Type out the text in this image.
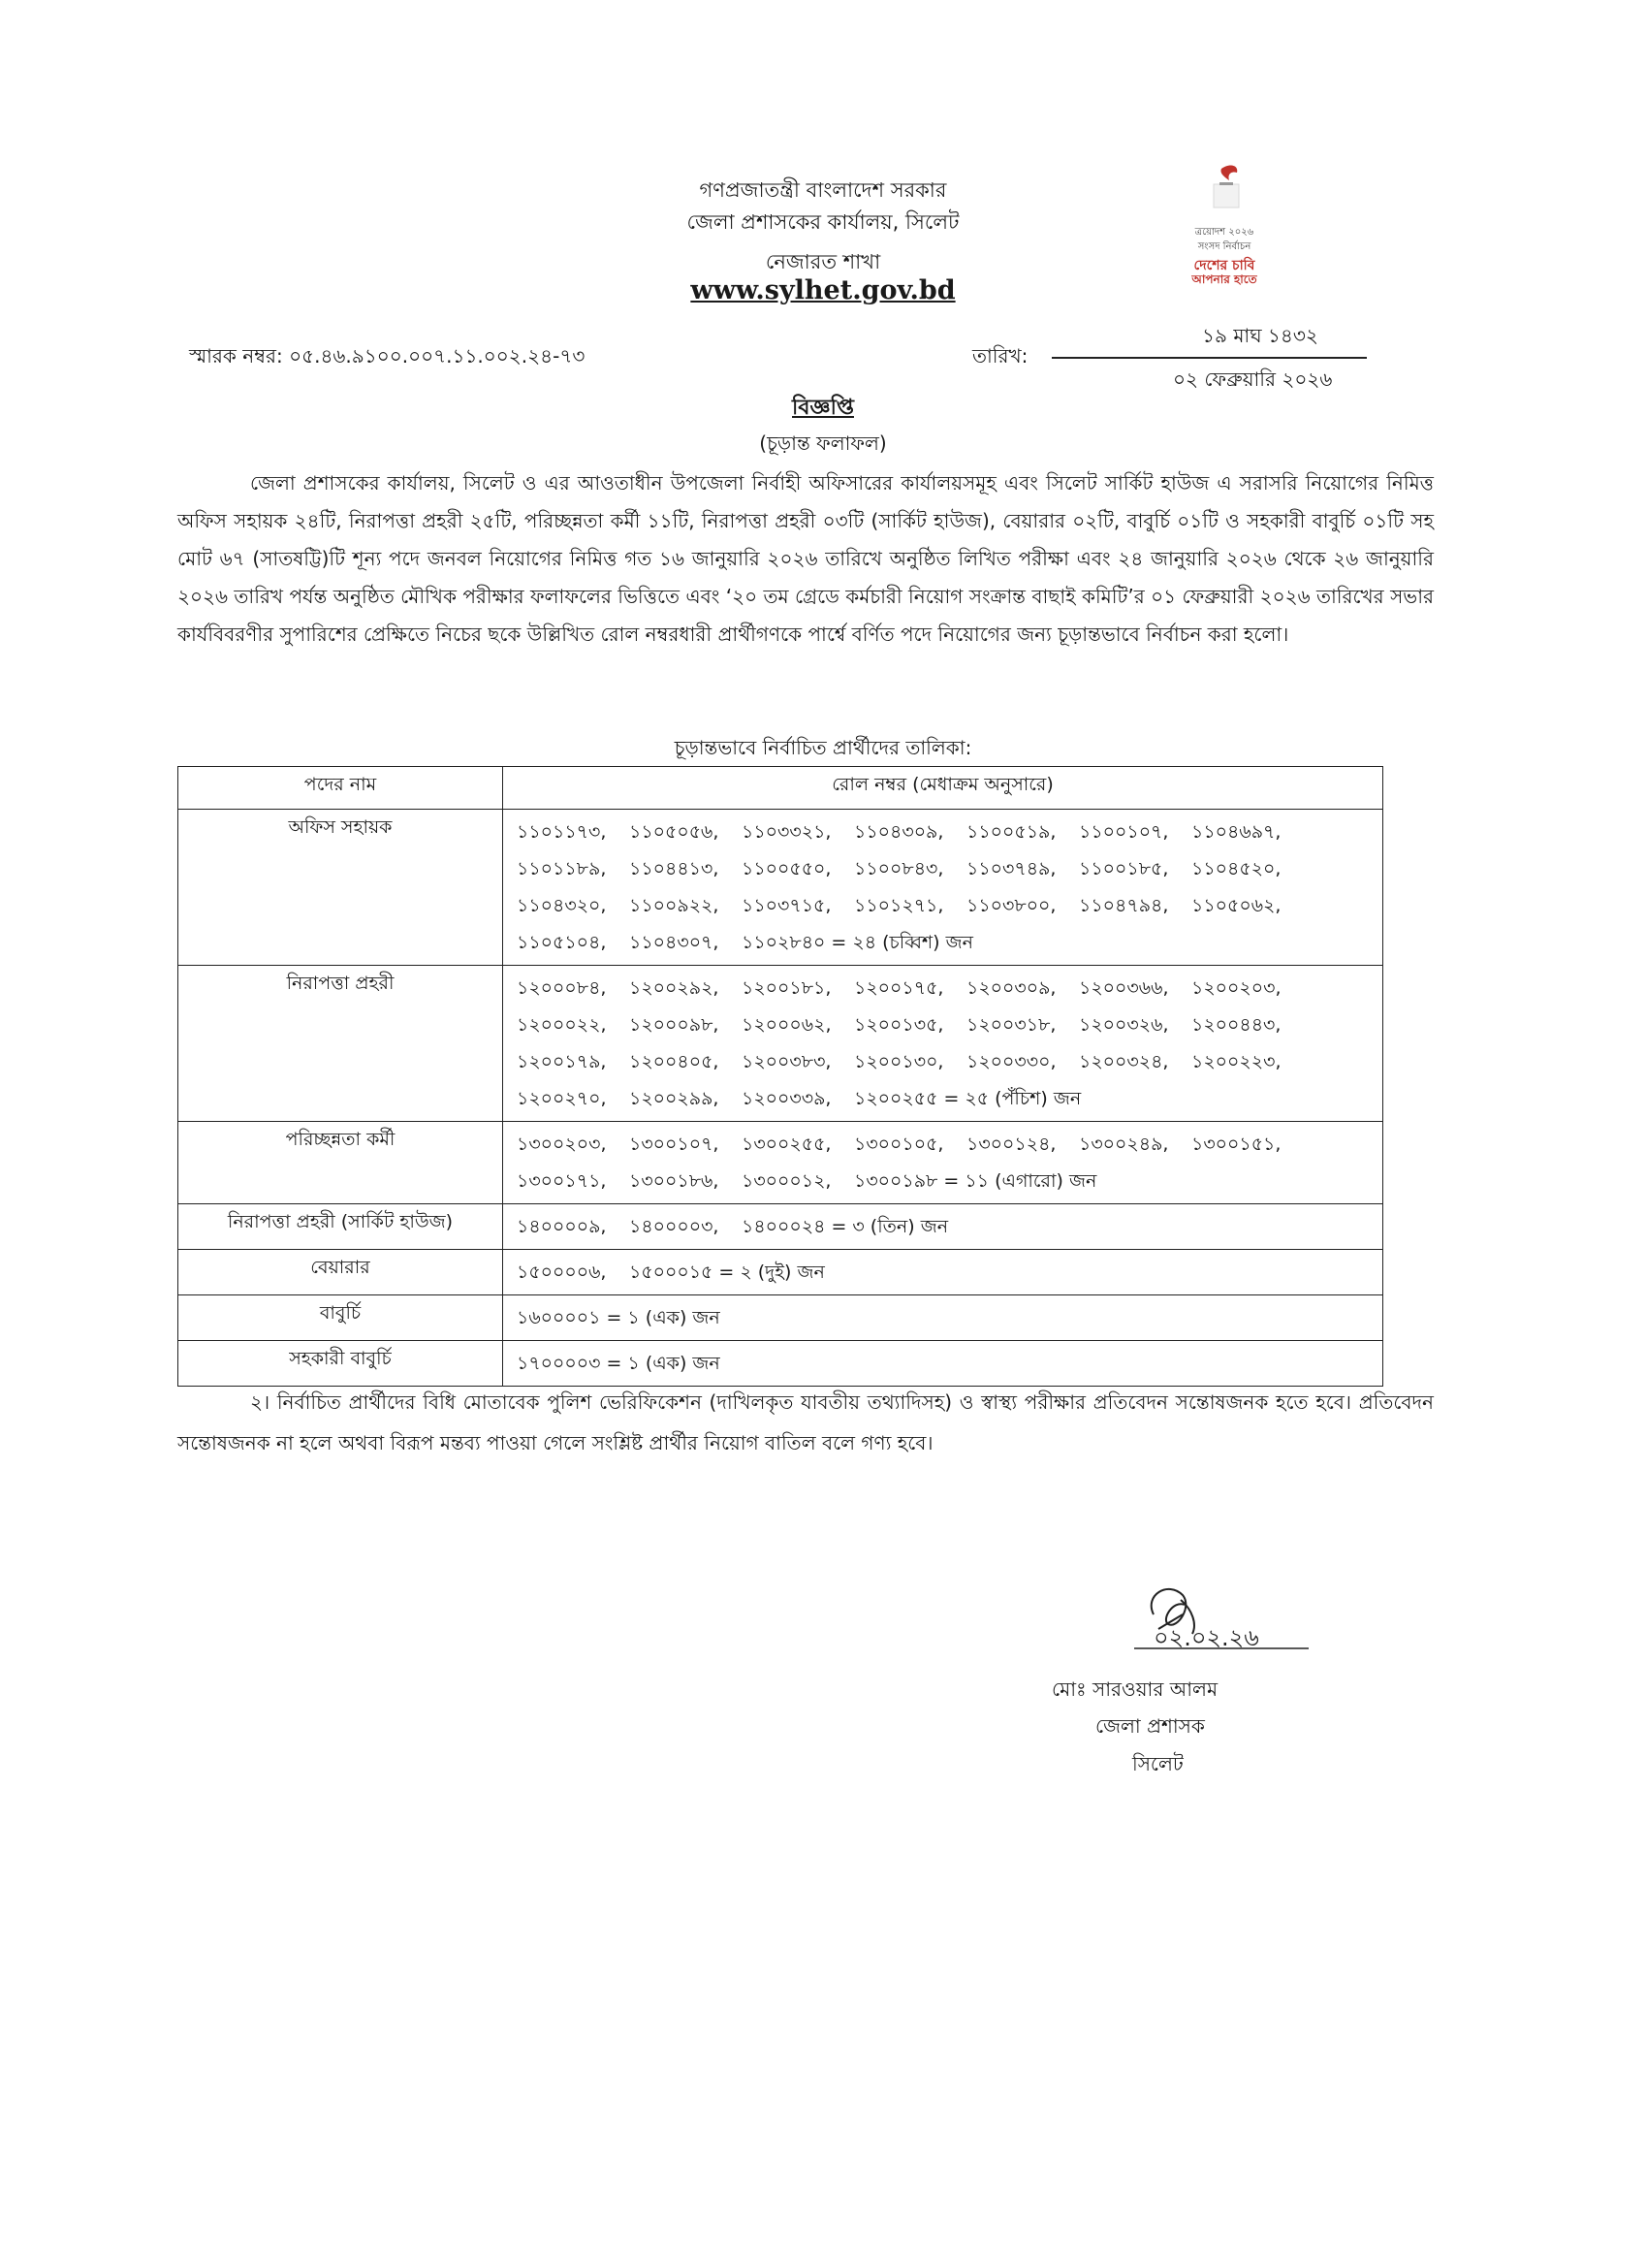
গণপ্রজাতন্ত্রী বাংলাদেশ সরকার
জেলা প্রশাসকের কার্যালয়, সিলেট
নেজারত শাখা
www.sylhet.gov.bd
ত্রয়োদশ ২০২৬
সংসদ নির্বাচন
দেশের চাবি
আপনার হাতে
স্মারক নম্বর: ০৫.৪৬.৯১০০.০০৭.১১.০০২.২৪-৭৩	তারিখ:
১৯ মাঘ ১৪৩২
০২ ফেব্রুয়ারি ২০২৬
বিজ্ঞপ্তি
(চূড়ান্ত ফলাফল)

জেলা প্রশাসকের কার্যালয়, সিলেট ও এর আওতাধীন উপজেলা নির্বাহী অফিসারের কার্যালয়সমূহ এবং সিলেট সার্কিট হাউজ এ সরাসরি নিয়োগের নিমিত্ত অফিস সহায়ক ২৪টি, নিরাপত্তা প্রহরী ২৫টি, পরিচ্ছন্নতা কর্মী ১১টি, নিরাপত্তা প্রহরী ০৩টি (সার্কিট হাউজ), বেয়ারার ০২টি, বাবুর্চি ০১টি ও সহকারী বাবুর্চি ০১টি সহ মোট ৬৭ (সাতষট্টি)টি শূন্য পদে জনবল নিয়োগের নিমিত্ত গত ১৬ জানুয়ারি ২০২৬ তারিখে অনুষ্ঠিত লিখিত পরীক্ষা এবং ২৪ জানুয়ারি ২০২৬ থেকে ২৬ জানুয়ারি ২০২৬ তারিখ পর্যন্ত অনুষ্ঠিত মৌখিক পরীক্ষার ফলাফলের ভিত্তিতে এবং ‘২০ তম গ্রেডে কর্মচারী নিয়োগ সংক্রান্ত বাছাই কমিটি’র ০১ ফেব্রুয়ারী ২০২৬ তারিখের সভার কার্যবিবরণীর সুপারিশের প্রেক্ষিতে নিচের ছকে উল্লিখিত রোল নম্বরধারী প্রার্থীগণকে পার্শ্বে বর্ণিত পদে নিয়োগের জন্য চূড়ান্তভাবে নির্বাচন করা হলো।

চূড়ান্তভাবে নির্বাচিত প্রার্থীদের তালিকা:
পদের নাম	রোল নম্বর (মেধাক্রম অনুসারে)
অফিস সহায়ক	১১০১১৭৩, ১১০৫০৫৬, ১১০৩৩২১, ১১০৪৩০৯, ১১০০৫১৯, ১১০০১০৭, ১১০৪৬৯৭,১১০১১৮৯, ১১০৪৪১৩, ১১০০৫৫০, ১১০০৮৪৩, ১১০৩৭৪৯, ১১০০১৮৫, ১১০৪৫২০,১১০৪৩২০, ১১০০৯২২, ১১০৩৭১৫, ১১০১২৭১, ১১০৩৮০০, ১১০৪৭৯৪, ১১০৫০৬২,১১০৫১০৪, ১১০৪৩০৭, ১১০২৮৪০ = ২৪ (চব্বিশ) জন
নিরাপত্তা প্রহরী	১২০০০৮৪, ১২০০২৯২, ১২০০১৮১, ১২০০১৭৫, ১২০০৩০৯, ১২০০৩৬৬, ১২০০২০৩,১২০০০২২, ১২০০০৯৮, ১২০০০৬২, ১২০০১৩৫, ১২০০৩১৮, ১২০০৩২৬, ১২০০৪৪৩,১২০০১৭৯, ১২০০৪০৫, ১২০০৩৮৩, ১২০০১৩০, ১২০০৩৩০, ১২০০৩২৪, ১২০০২২৩,১২০০২৭০, ১২০০২৯৯, ১২০০৩৩৯, ১২০০২৫৫ = ২৫ (পঁচিশ) জন
পরিচ্ছন্নতা কর্মী	১৩০০২০৩, ১৩০০১০৭, ১৩০০২৫৫, ১৩০০১০৫, ১৩০০১২৪, ১৩০০২৪৯, ১৩০০১৫১,১৩০০১৭১, ১৩০০১৮৬, ১৩০০০১২, ১৩০০১৯৮ = ১১ (এগারো) জন
নিরাপত্তা প্রহরী (সার্কিট হাউজ)	১৪০০০০৯, ১৪০০০০৩, ১৪০০০২৪ = ৩ (তিন) জন
বেয়ারার	১৫০০০০৬, ১৫০০০১৫ = ২ (দুই) জন
বাবুর্চি	১৬০০০০১ = ১ (এক) জন
সহকারী বাবুর্চি	১৭০০০০৩ = ১ (এক) জন

২। নির্বাচিত প্রার্থীদের বিধি মোতাবেক পুলিশ ভেরিফিকেশন (দাখিলকৃত যাবতীয় তথ্যাদিসহ) ও স্বাস্থ্য পরীক্ষার প্রতিবেদন সন্তোষজনক হতে হবে। প্রতিবেদন সন্তোষজনক না হলে অথবা বিরূপ মন্তব্য পাওয়া গেলে সংশ্লিষ্ট প্রার্থীর নিয়োগ বাতিল বলে গণ্য হবে।

০২.০২.২৬
মোঃ সারওয়ার আলম
জেলা প্রশাসক
সিলেট
